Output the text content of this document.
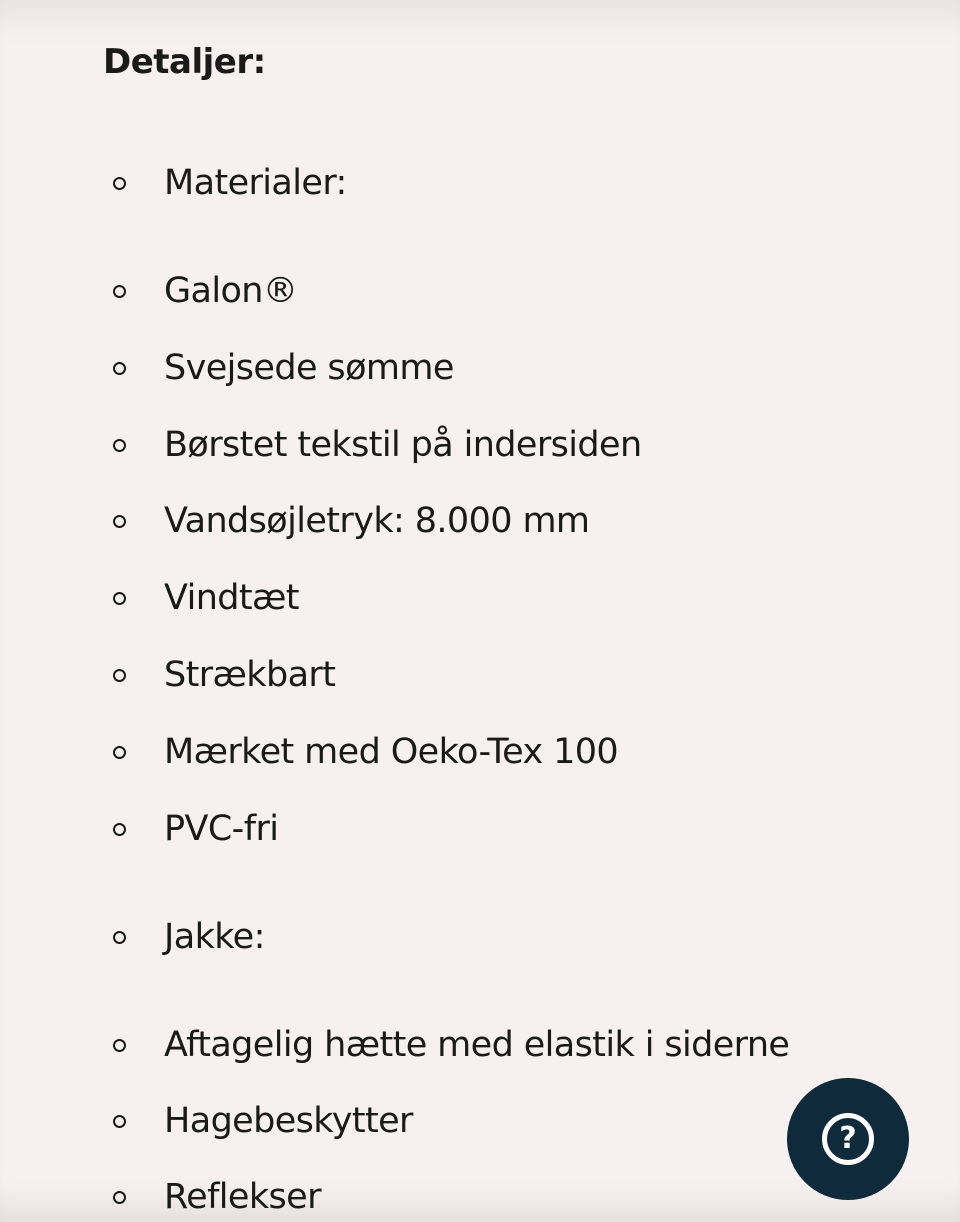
Detaljer:
Materialer:
Galon®
Svejsede sømme
Børstet tekstil på indersiden
Vandsøjletryk: 8.000 mm
Vindtæt
Strækbart
Mærket med Oeko-Tex 100
PVC-fri
Jakke:
Aftagelig hætte med elastik i siderne
Hagebeskytter
Reflekser
?
